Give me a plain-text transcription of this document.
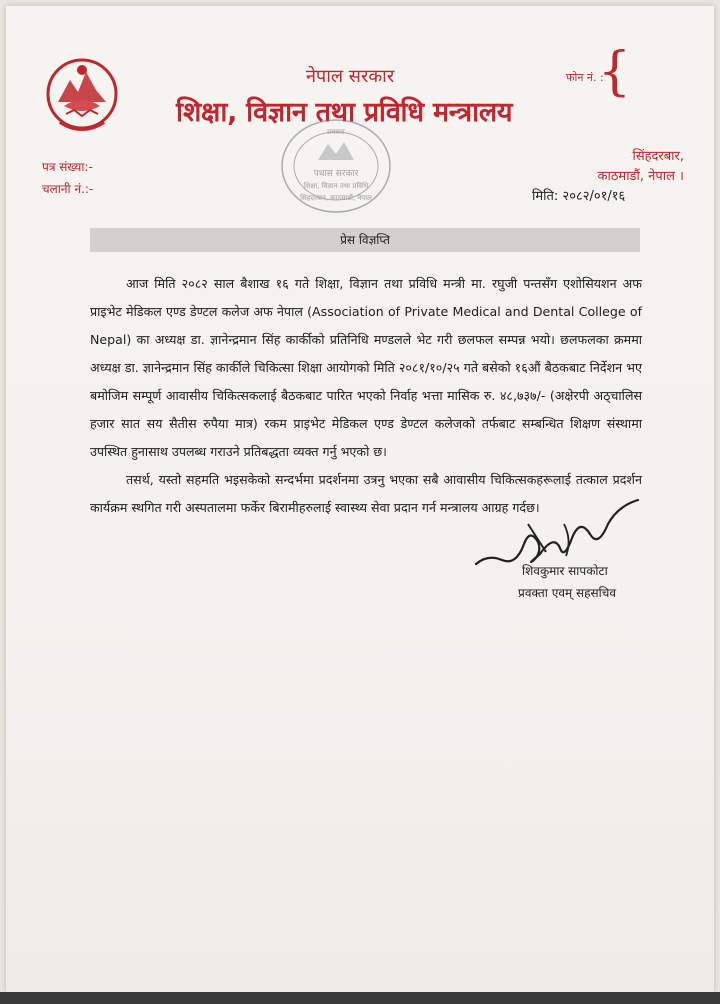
नेपाल सरकार
शिक्षा, विज्ञान तथा प्रविधि मन्त्रालय
फोन नं. :
{
पथास सरकार
शिक्षा, विज्ञान तथा प्रविधि
सिंहदरबार, काठमाडौं, नेपाल
प्रवक्ता
पत्र संख्या:-
चलानी नं.:-
सिंहदरबार,
काठमाडौं, नेपाल ।
मिति: २०८२/०१/१६
प्रेस विज्ञप्ति

आज मिति २०८२ साल बैशाख १६ गते शिक्षा, विज्ञान तथा प्रविधि मन्त्री मा. रघुजी पन्तसँग एशोसियशन अफ प्राइभेट मेडिकल एण्ड डेण्टल कलेज अफ नेपाल (Association of Private Medical and Dental College of Nepal) का अध्यक्ष डा. ज्ञानेन्द्रमान सिंह कार्कीको प्रतिनिधि मण्डलले भेट गरी छलफल सम्पन्न भयो। छलफलका क्रममा अध्यक्ष डा. ज्ञानेन्द्रमान सिंह कार्कीले चिकित्सा शिक्षा आयोगको मिति २०८१/१०/२५ गते बसेको १६औं बैठकबाट निर्देशन भए बमोजिम सम्पूर्ण आवासीय चिकित्सकलाई बैठकबाट पारित भएको निर्वाह भत्ता मासिक रु. ४८,७३७/- (अक्षेरपी अठ्चालिस हजार सात सय सैतीस रुपैया मात्र) रकम प्राइभेट मेडिकल एण्ड डेण्टल कलेजको तर्फबाट सम्बन्धित शिक्षण संस्थामा उपस्थित हुनासाथ उपलब्ध गराउने प्रतिबद्धता व्यक्त गर्नु भएको छ।

तसर्थ, यस्तो सहमति भइसकेको सन्दर्भमा प्रदर्शनमा उत्रनु भएका सबै आवासीय चिकित्सकहरूलाई तत्काल प्रदर्शन कार्यक्रम स्थगित गरी अस्पतालमा फर्केर बिरामीहरुलाई स्वास्थ्य सेवा प्रदान गर्न मन्त्रालय आग्रह गर्दछ।

शिवकुमार सापकोटा
प्रवक्ता एवम् सहसचिव
